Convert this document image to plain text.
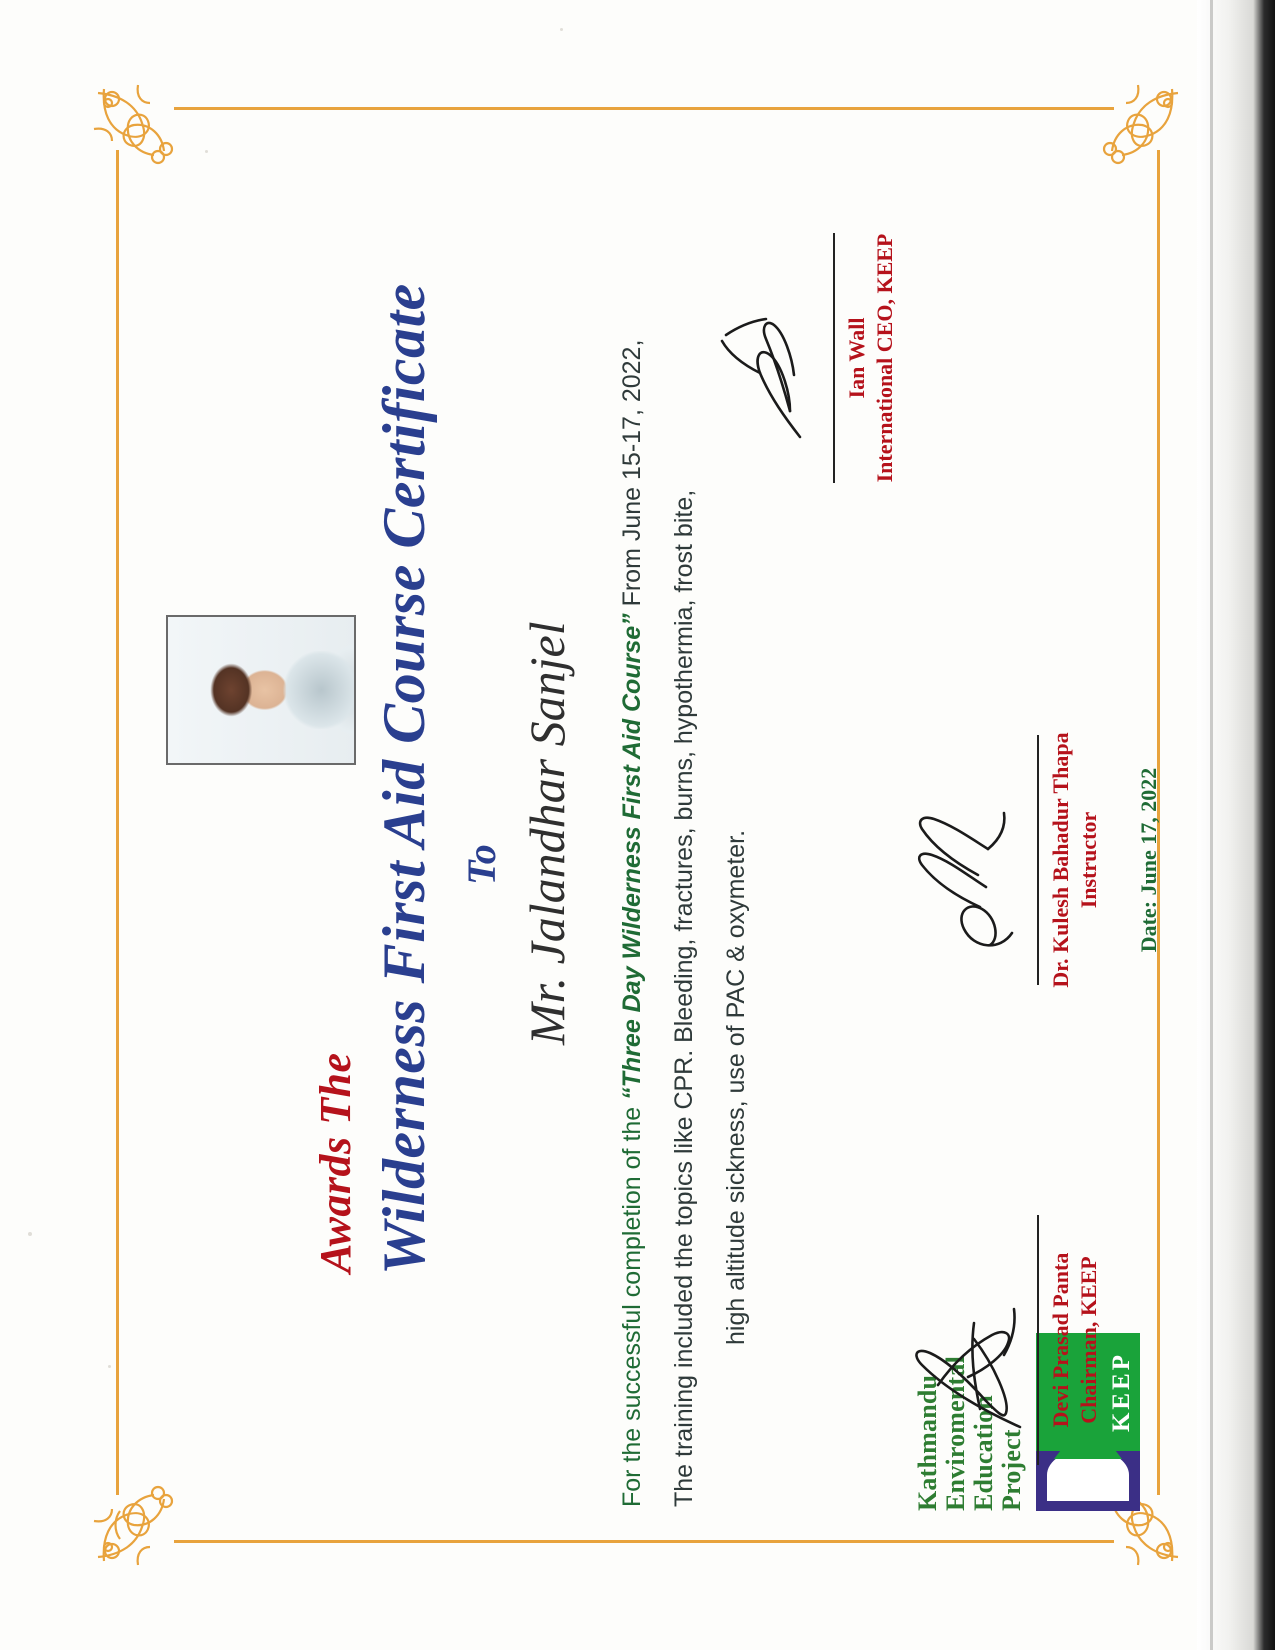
Kathmandu Enviromental Education Project
KEEP
Awards The Wilderness First Aid Course Certificate To Mr. Jalandhar Sanjel
For the successful completion of the “Three Day Wilderness First Aid Course” From June 15-17, 2022,
The training included the topics like CPR. Bleeding, fractures, burns, hypothermia, frost bite, high altitude sickness, use of PAC & oxymeter.	Devi Prasad Panta Chairman, KEEP
Dr. Kulesh Bahadur Thapa Instructor
Ian Wall International CEO, KEEP
Date: June 17, 2022
